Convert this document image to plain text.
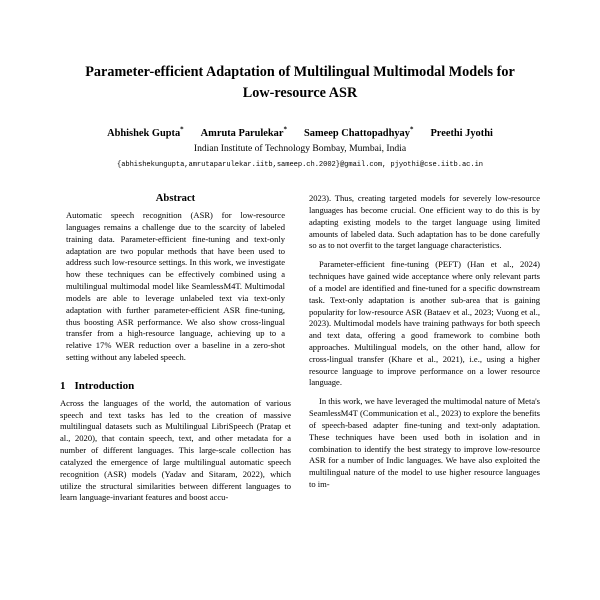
Parameter-efficient Adaptation of Multilingual Multimodal Models for
Low-resource ASR
Abhishek Gupta* Amruta Parulekar* Sameep Chattopadhyay* Preethi Jyothi
Indian Institute of Technology Bombay, Mumbai, India
{abhishekungupta,amrutaparulekar.iitb,sameep.ch.2002}@gmail.com, pjyothi@cse.iitb.ac.in
Abstract

Automatic speech recognition (ASR) for low-resource languages remains a challenge due to the scarcity of labeled training data. Parameter-efficient fine-tuning and text-only adaptation are two popular methods that have been used to address such low-resource settings. In this work, we investigate how these techniques can be effectively combined using a multilingual multimodal model like SeamlessM4T. Multimodal models are able to leverage unlabeled text via text-only adaptation with further parameter-efficient ASR fine-tuning, thus boosting ASR performance. We also show cross-lingual transfer from a high-resource language, achieving up to a relative 17% WER reduction over a baseline in a zero-shot setting without any labeled speech.

1 Introduction

Across the languages of the world, the automation of various speech and text tasks has led to the creation of massive multilingual datasets such as Multilingual LibriSpeech (Pratap et al., 2020), that contain speech, text, and other metadata for a number of different languages. This large-scale collection has catalyzed the emergence of large multilingual automatic speech recognition (ASR) models (Yadav and Sitaram, 2022), which utilize the structural similarities between different languages to learn language-invariant features and boost accu-

2023). Thus, creating targeted models for severely low-resource languages has become crucial. One efficient way to do this is by adapting existing models to the target language using limited amounts of labeled data. Such adaptation has to be done carefully so as to not overfit to the target language characteristics.

Parameter-efficient fine-tuning (PEFT) (Han et al., 2024) techniques have gained wide acceptance where only relevant parts of a model are identified and fine-tuned for a specific downstream task. Text-only adaptation is another sub-area that is gaining popularity for low-resource ASR (Bataev et al., 2023; Vuong et al., 2023). Multimodal models have training pathways for both speech and text data, offering a good framework to combine both approaches. Multilingual models, on the other hand, allow for cross-lingual transfer (Khare et al., 2021), i.e., using a higher resource language to improve performance on a lower resource language.

In this work, we have leveraged the multimodal nature of Meta's SeamlessM4T (Communication et al., 2023) to explore the benefits of speech-based adapter fine-tuning and text-only adaptation. These techniques have been used both in isolation and in combination to identify the best strategy to improve low-resource ASR for a number of Indic languages. We have also exploited the multilingual nature of the model to use higher resource languages to im-
